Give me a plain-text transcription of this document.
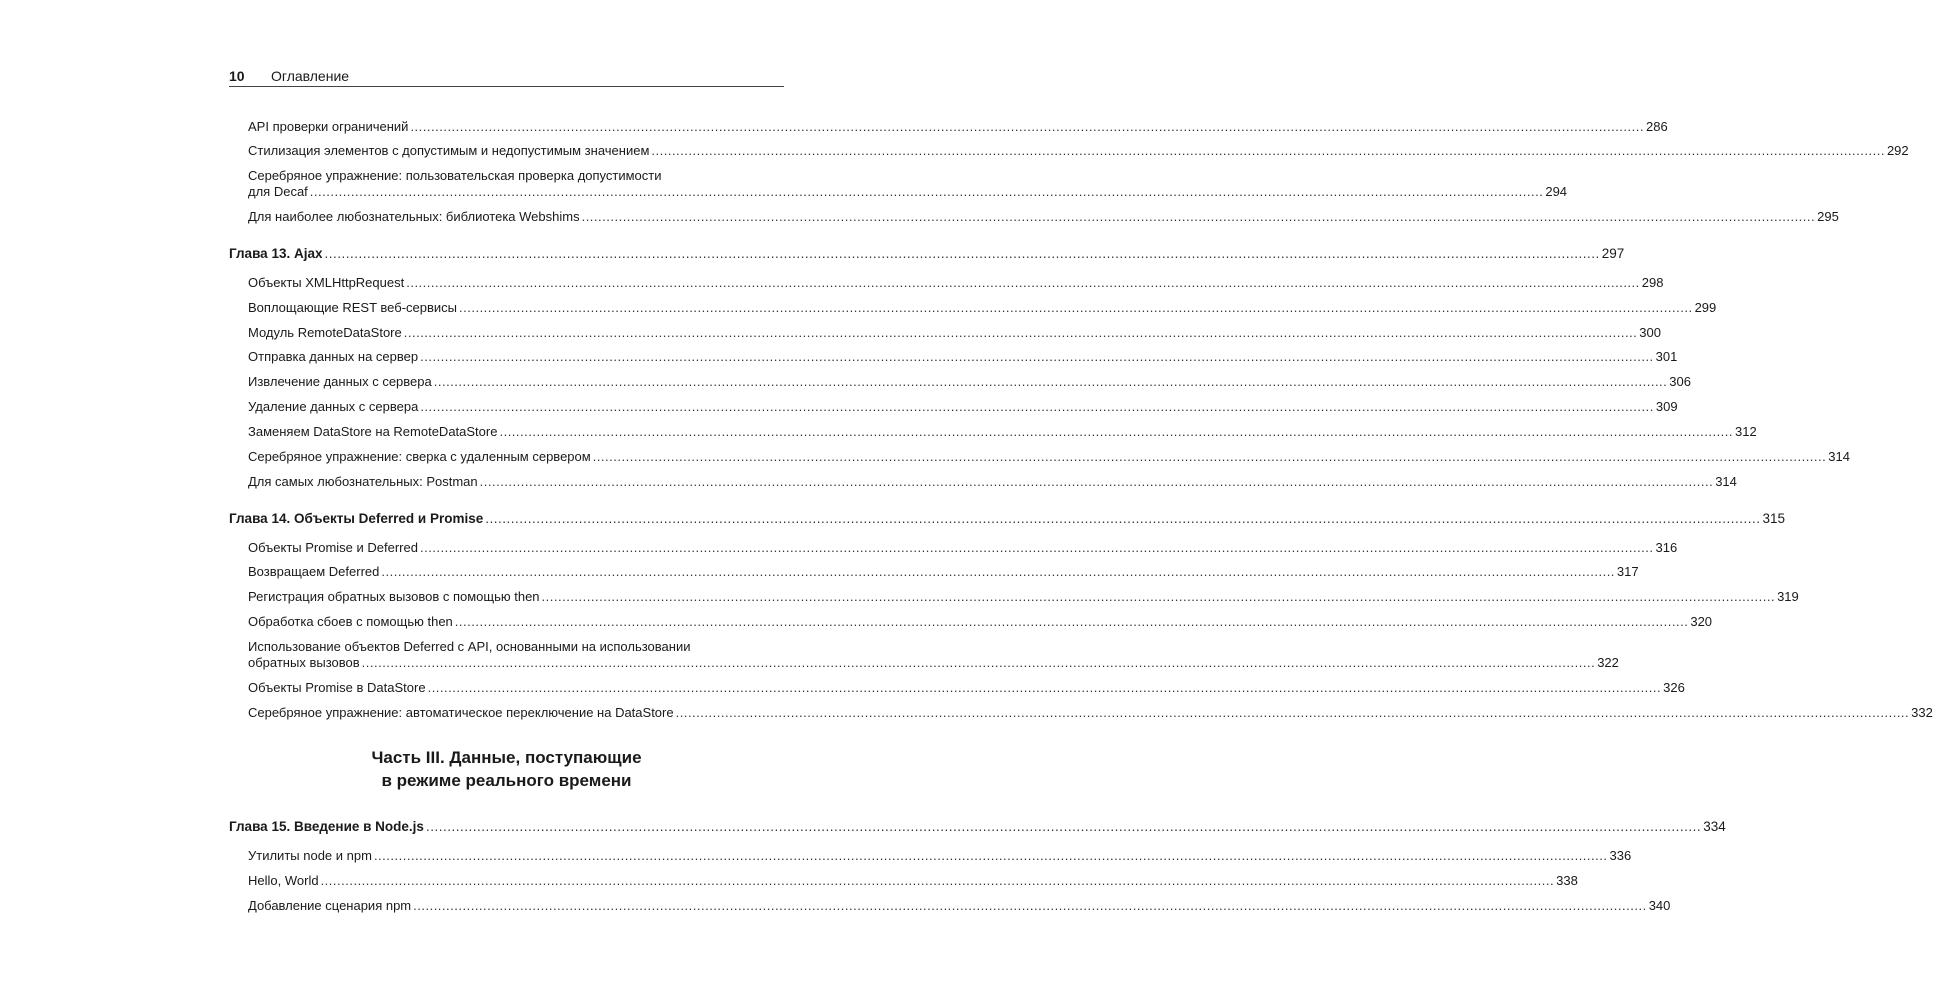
10 Оглавление
API проверки ограничений ............................................................................................................................................................................................................................................................................................................ 286
Стилизация элементов с допустимым и недопустимым значением ............................................................................................................................................................................................................................................................................................................ 292
Серебряное упражнение: пользовательская проверка допустимости
для Decaf ............................................................................................................................................................................................................................................................................................................ 294
Для наиболее любознательных: библиотека Webshims ............................................................................................................................................................................................................................................................................................................ 295
Глава 13. Ajax ............................................................................................................................................................................................................................................................................................................ 297
Объекты XMLHttpRequest ............................................................................................................................................................................................................................................................................................................ 298
Воплощающие REST веб-сервисы ............................................................................................................................................................................................................................................................................................................ 299
Модуль RemoteDataStore ............................................................................................................................................................................................................................................................................................................ 300
Отправка данных на сервер ............................................................................................................................................................................................................................................................................................................ 301
Извлечение данных с сервера ............................................................................................................................................................................................................................................................................................................ 306
Удаление данных с сервера ............................................................................................................................................................................................................................................................................................................ 309
Заменяем DataStore на RemoteDataStore ............................................................................................................................................................................................................................................................................................................ 312
Серебряное упражнение: сверка с удаленным сервером ............................................................................................................................................................................................................................................................................................................ 314
Для самых любознательных: Postman ............................................................................................................................................................................................................................................................................................................ 314
Глава 14. Объекты Deferred и Promise ............................................................................................................................................................................................................................................................................................................ 315
Объекты Promise и Deferred ............................................................................................................................................................................................................................................................................................................ 316
Возвращаем Deferred ............................................................................................................................................................................................................................................................................................................ 317
Регистрация обратных вызовов с помощью then ............................................................................................................................................................................................................................................................................................................ 319
Обработка сбоев с помощью then ............................................................................................................................................................................................................................................................................................................ 320
Использование объектов Deferred с API, основанными на использовании
обратных вызовов ............................................................................................................................................................................................................................................................................................................ 322
Объекты Promise в DataStore ............................................................................................................................................................................................................................................................................................................ 326
Серебряное упражнение: автоматическое переключение на DataStore ............................................................................................................................................................................................................................................................................................................ 332
Часть III. Данные, поступающие
в режиме реального времени
Глава 15. Введение в Node.js ............................................................................................................................................................................................................................................................................................................ 334
Утилиты node и npm ............................................................................................................................................................................................................................................................................................................ 336
Hello, World ............................................................................................................................................................................................................................................................................................................ 338
Добавление сценария npm ............................................................................................................................................................................................................................................................................................................ 340
